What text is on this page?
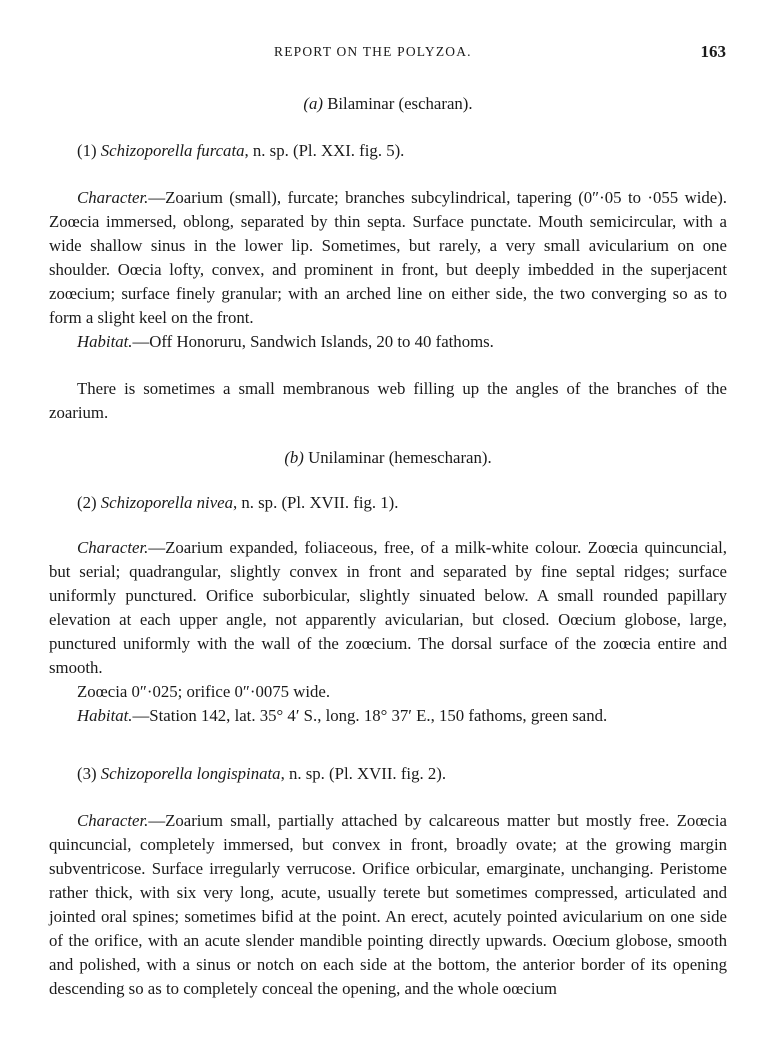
REPORT ON THE POLYZOA.	163

(a) Bilaminar (escharan).

(1) Schizoporella furcata, n. sp. (Pl. XXI. fig. 5).

Character.—Zoarium (small), furcate; branches subcylindrical, tapering (0″·05 to ·055 wide). Zoœcia immersed, oblong, separated by thin septa. Surface punctate. Mouth semicircular, with a wide shallow sinus in the lower lip. Sometimes, but rarely, a very small avicularium on one shoulder. Oœcia lofty, convex, and prominent in front, but deeply imbedded in the superjacent zoœcium; surface finely granular; with an arched line on either side, the two converging so as to form a slight keel on the front.

Habitat.—Off Honoruru, Sandwich Islands, 20 to 40 fathoms.

There is sometimes a small membranous web filling up the angles of the branches of the zoarium.

(b) Unilaminar (hemescharan).

(2) Schizoporella nivea, n. sp. (Pl. XVII. fig. 1).

Character.—Zoarium expanded, foliaceous, free, of a milk-white colour. Zoœcia quincuncial, but serial; quadrangular, slightly convex in front and separated by fine septal ridges; surface uniformly punctured. Orifice suborbicular, slightly sinuated below. A small rounded papillary elevation at each upper angle, not apparently avicularian, but closed. Oœcium globose, large, punctured uniformly with the wall of the zoœcium. The dorsal surface of the zoœcia entire and smooth.

Zoœcia 0″·025; orifice 0″·0075 wide.

Habitat.—Station 142, lat. 35° 4′ S., long. 18° 37′ E., 150 fathoms, green sand.

(3) Schizoporella longispinata, n. sp. (Pl. XVII. fig. 2).

Character.—Zoarium small, partially attached by calcareous matter but mostly free. Zoœcia quincuncial, completely immersed, but convex in front, broadly ovate; at the growing margin subventricose. Surface irregularly verrucose. Orifice orbicular, emarginate, unchanging. Peristome rather thick, with six very long, acute, usually terete but sometimes compressed, articulated and jointed oral spines; sometimes bifid at the point. An erect, acutely pointed avicularium on one side of the orifice, with an acute slender mandible pointing directly upwards. Oœcium globose, smooth and polished, with a sinus or notch on each side at the bottom, the anterior border of its opening descending so as to completely conceal the opening, and the whole oœcium
